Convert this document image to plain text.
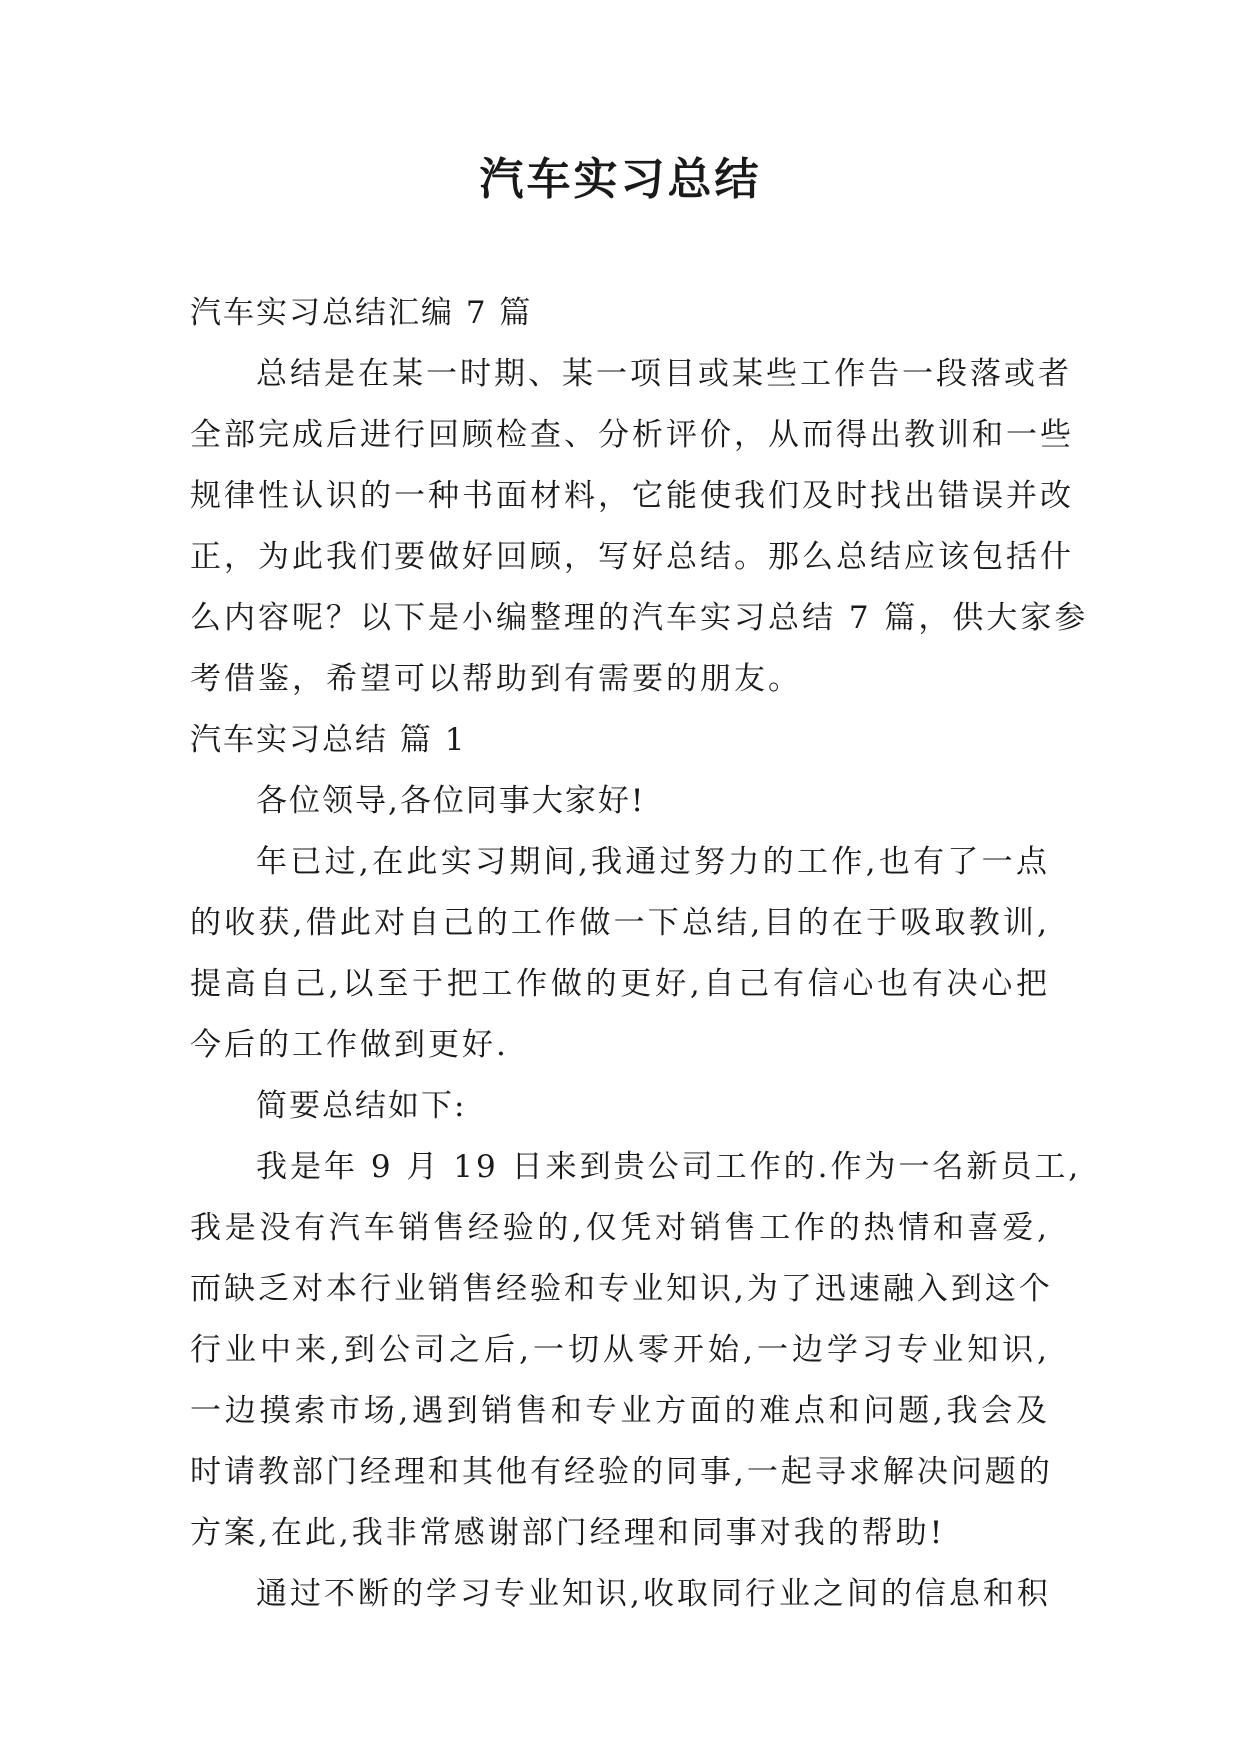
汽车实习总结
汽车实习总结汇编 7 篇
总结是在某一时期、某一项目或某些工作告一段落或者
全部完成后进行回顾检查、分析评价，从而得出教训和一些
规律性认识的一种书面材料，它能使我们及时找出错误并改
正，为此我们要做好回顾，写好总结。那么总结应该包括什
么内容呢？以下是小编整理的汽车实习总结 7 篇，供大家参
考借鉴，希望可以帮助到有需要的朋友。
汽车实习总结 篇 1
各位领导,各位同事大家好!
年已过,在此实习期间,我通过努力的工作,也有了一点
的收获,借此对自己的工作做一下总结,目的在于吸取教训,
提高自己,以至于把工作做的更好,自己有信心也有决心把
今后的工作做到更好.
简要总结如下:
我是年 9 月 19 日来到贵公司工作的.作为一名新员工,
我是没有汽车销售经验的,仅凭对销售工作的热情和喜爱,
而缺乏对本行业销售经验和专业知识,为了迅速融入到这个
行业中来,到公司之后,一切从零开始,一边学习专业知识,
一边摸索市场,遇到销售和专业方面的难点和问题,我会及
时请教部门经理和其他有经验的同事,一起寻求解决问题的
方案,在此,我非常感谢部门经理和同事对我的帮助!
通过不断的学习专业知识,收取同行业之间的信息和积
